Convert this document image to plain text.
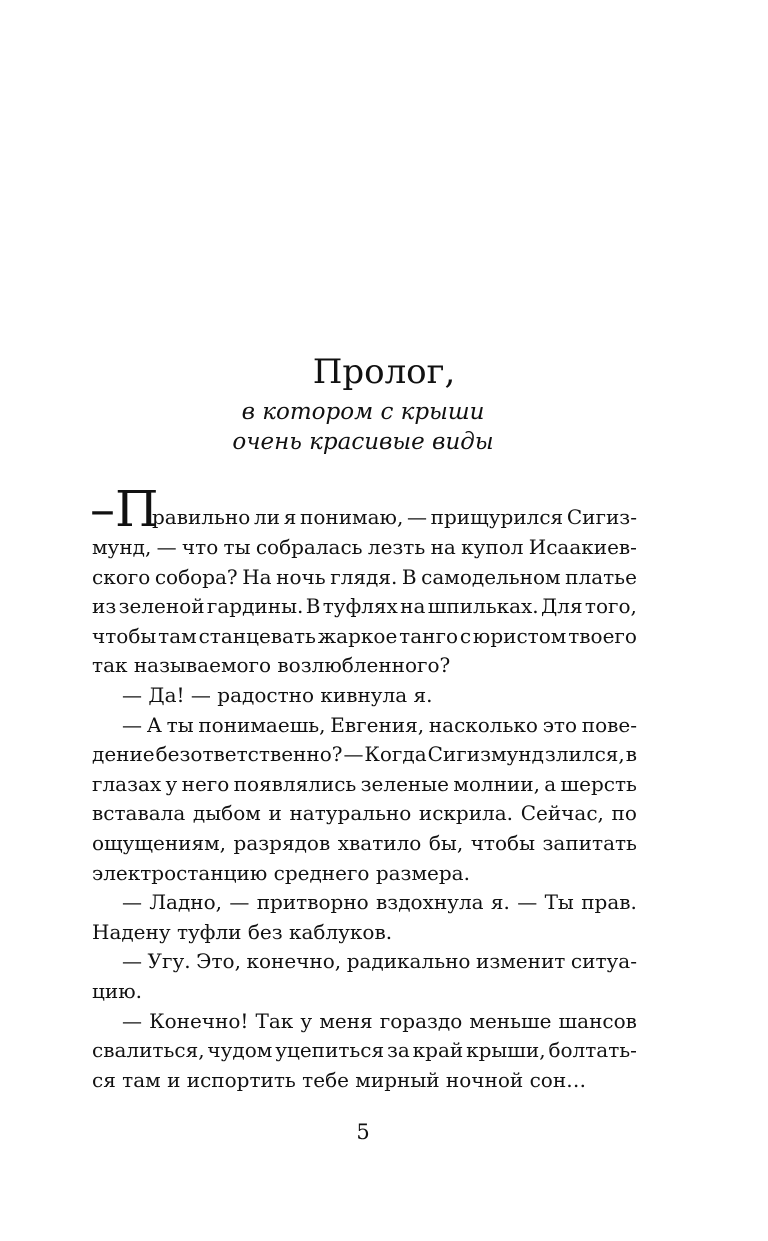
Пролог,

в котором с крыши

очень красивые виды

–П
равильно ли я понимаю, — прищурился Сигиз-
мунд, — что ты собралась лезть на купол Исаакиев-
ского собора? На ночь глядя. В самодельном платье
из зеленой гардины. В туфлях на шпильках. Для того,
чтобы там станцевать жаркое танго с юристом твоего
так называемого возлюбленного?
— Да! — радостно кивнула я.
— А ты понимаешь, Евгения, насколько это пове-
дение безответственно? — Когда Сигизмунд злился, в
глазах у него появлялись зеленые молнии, а шерсть
вставала дыбом и натурально искрила. Сейчас, по
ощущениям, разрядов хватило бы, чтобы запитать
электростанцию среднего размера.
— Ладно, — притворно вздохнула я. — Ты прав.
Надену туфли без каблуков.
— Угу. Это, конечно, радикально изменит ситуа-
цию.
— Конечно! Так у меня гораздо меньше шансов
свалиться, чудом уцепиться за край крыши, болтать-
ся там и испортить тебе мирный ночной сон…
5
